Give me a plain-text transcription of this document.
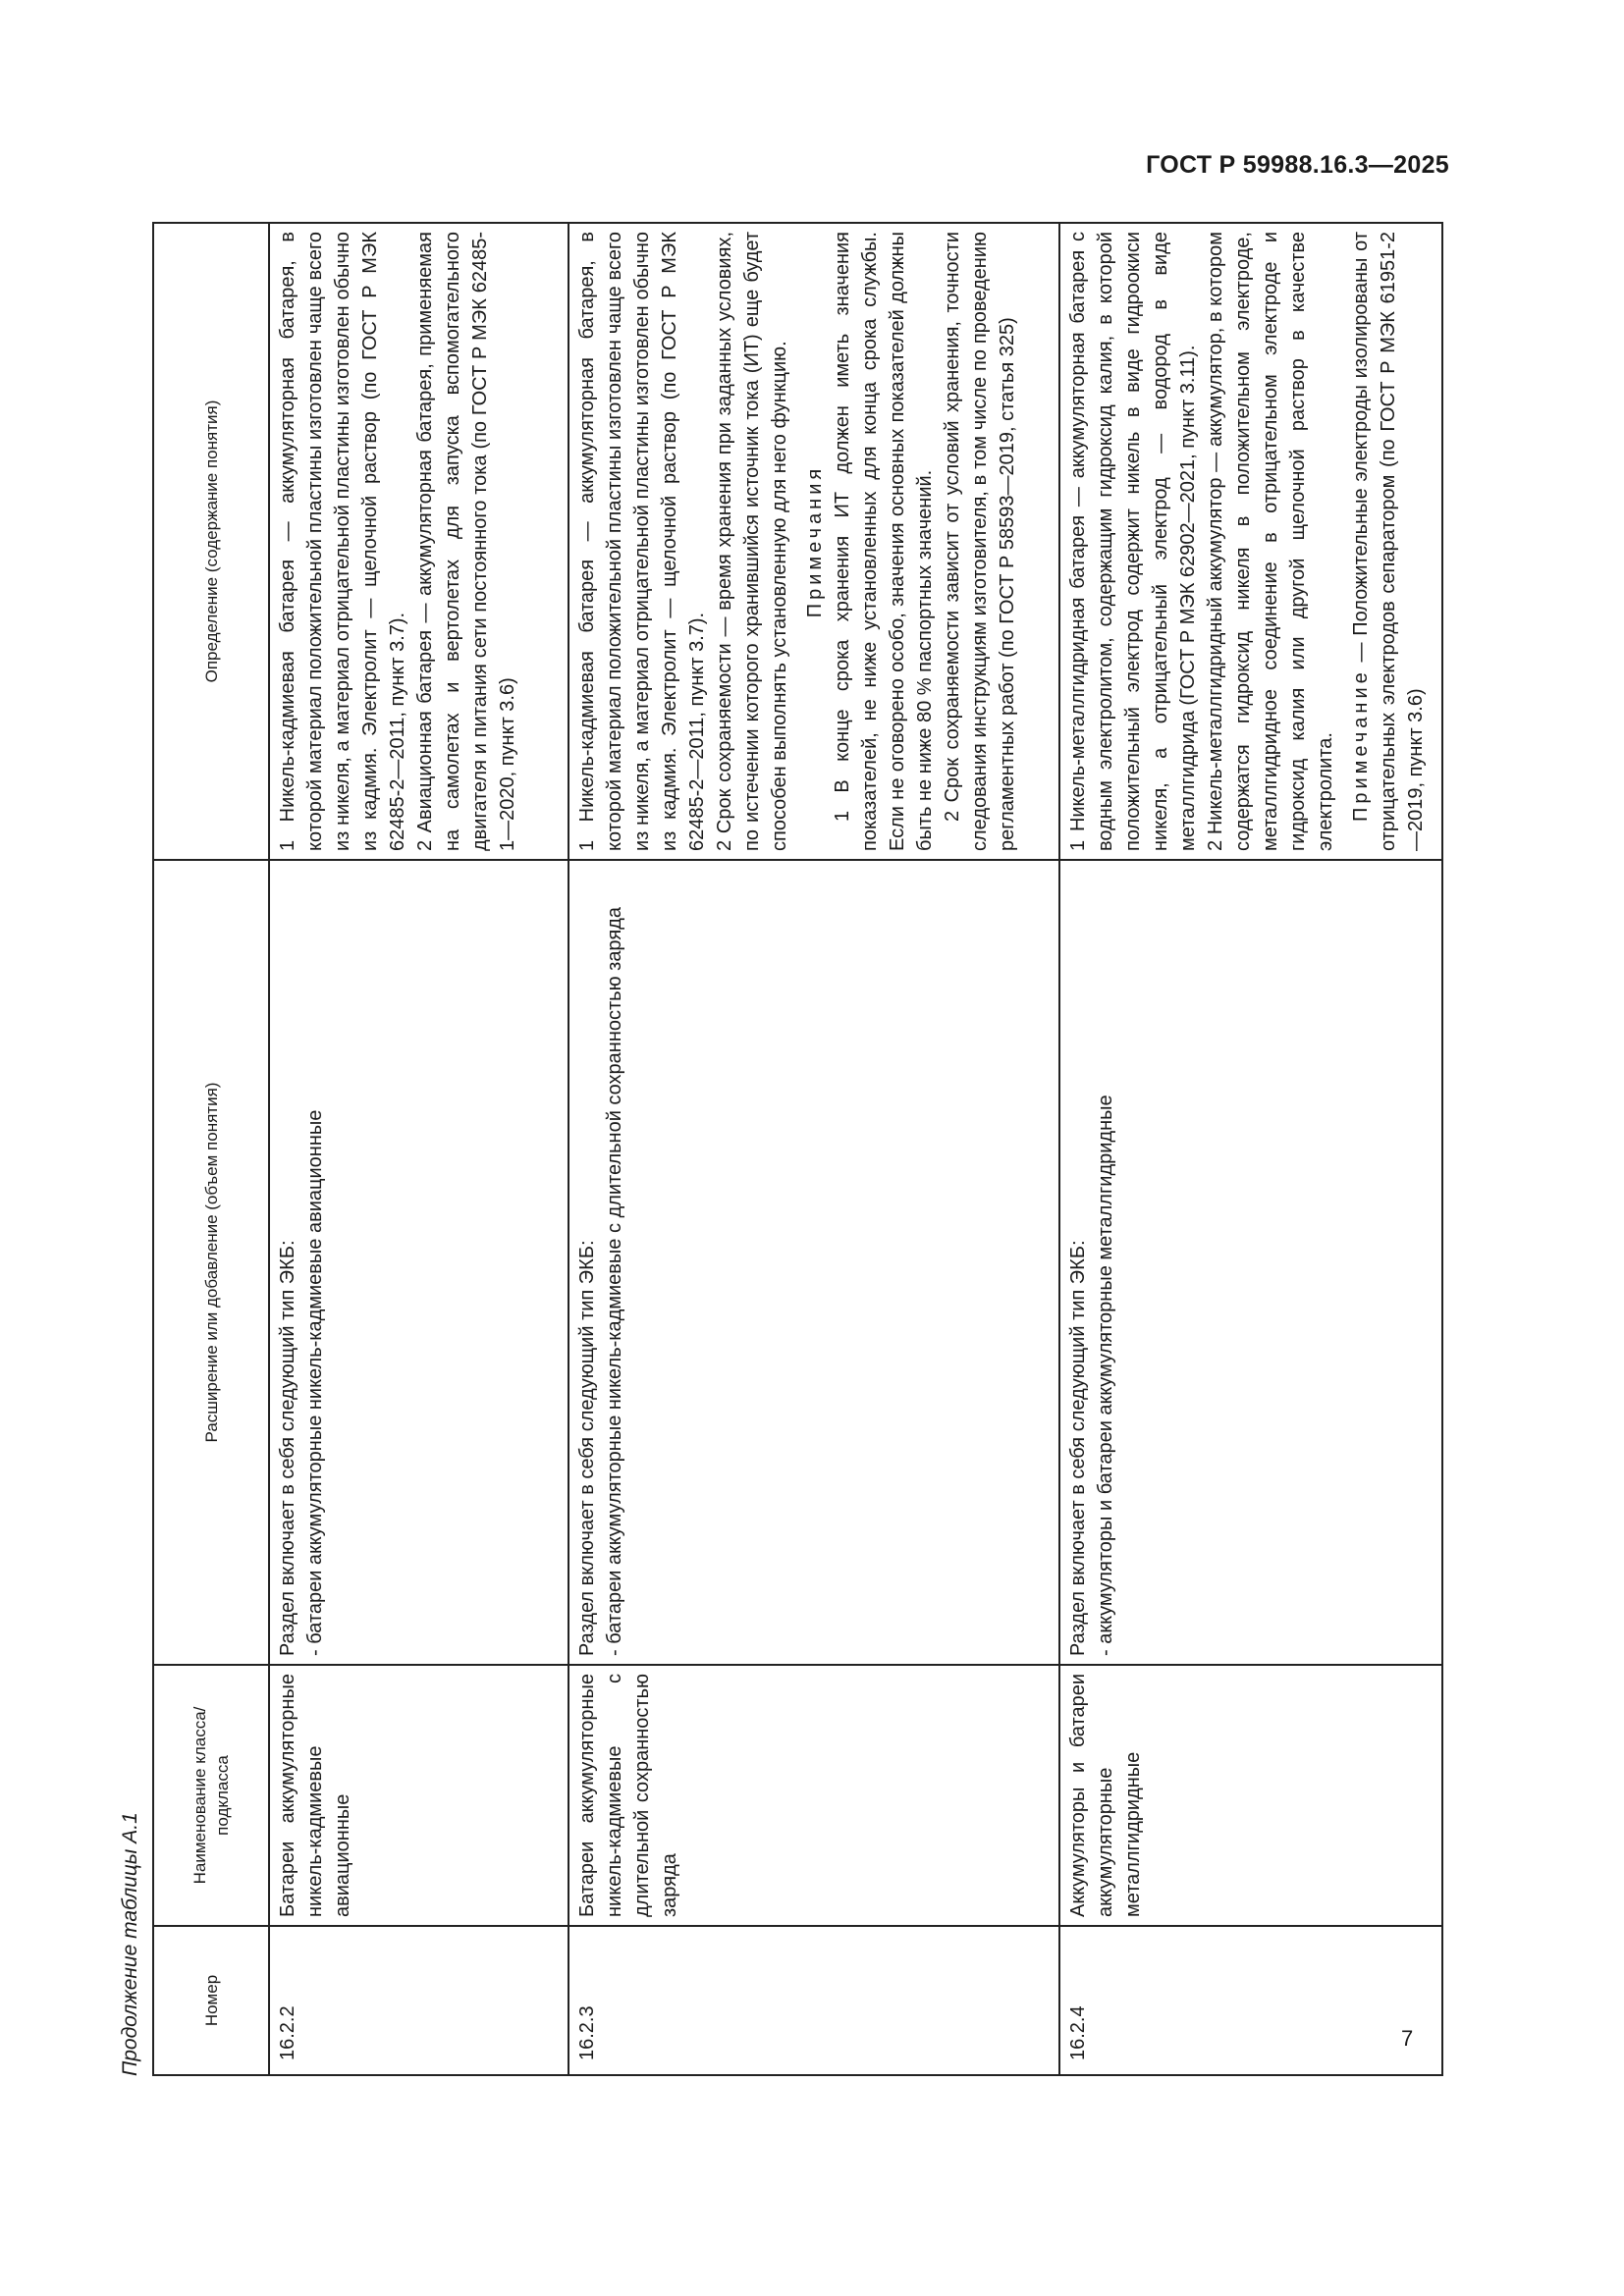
ГОСТ Р 59988.16.3—2025
Продолжение таблицы А.1	Номер	Наименование класса/ подкласса	Расширение или добавление (объем понятия)	Определение (содержание понятия)
16.2.2	Батареи аккумуляторные никель-кадмиевые авиационные	Раздел включает в себя следующий тип ЭКБ: - батареи аккумуляторные никель-кадмиевые авиационные	1 Никель-кадмиевая батарея — аккумуляторная батарея, в которой материал положительной пластины изготовлен чаще всего из никеля, а материал отрицательной пластины изготовлен обычно из кадмия. Электролит — щелочной раствор (по ГОСТ Р МЭК 62485-2—2011, пункт 3.7). 2 Авиационная батарея — аккумуляторная батарея, применяемая на самолетах и вертолетах для запуска вспомогательного двигателя и питания сети постоянного тока (по ГОСТ Р МЭК 62485-1—2020, пункт 3.6)

16.2.3	Батареи аккумуляторные никель-кадмиевые с длительной сохранностью заряда	Раздел включает в себя следующий тип ЭКБ: - батареи аккумуляторные никель-кадмиевые с длительной сохранностью заряда	1 Никель-кадмиевая батарея — аккумуляторная батарея, в которой материал положительной пластины изготовлен чаще всего из никеля, а материал отрицательной пластины изготовлен обычно из кадмия. Электролит — щелочной раствор (по ГОСТ Р МЭК 62485-2—2011, пункт 3.7). 2 Срок сохраняемости — время хранения при заданных условиях, по истечении которого хранившийся источник тока (ИТ) еще будет способен выполнять установленную для него функцию. Примечания 1 В конце срока хранения ИТ должен иметь значения показателей, не ниже установленных для конца срока службы. Если не оговорено особо, значения основных показателей должны быть не ниже 80 % паспортных значений. 2 Срок сохраняемости зависит от условий хранения, точности следования инструкциям изготовителя, в том числе по проведению регламентных работ (по ГОСТ Р 58593—2019, статья 325)

16.2.4	Аккумуляторы и батареи аккумуляторные металлгидридные	Раздел включает в себя следующий тип ЭКБ: - аккумуляторы и батареи аккумуляторные металлгидридные	1 Никель-металлгидридная батарея — аккумуляторная батарея с водным электролитом, содержащим гидроксид калия, в которой положительный электрод содержит никель в виде гидроокиси никеля, а отрицательный электрод — водород в виде металлгидрида (ГОСТ Р МЭК 62902—2021, пункт 3.11). 2 Никель-металлгидридный аккумулятор — аккумулятор, в котором содержатся гидроксид никеля в положительном электроде, металлгидридное соединение в отрицательном электроде и гидроксид калия или другой щелочной раствор в качестве электролита. Примечание — Положительные электроды изолированы от отрицательных электродов сепаратором (по ГОСТ Р МЭК 61951-2—2019, пункт 3.6)
7
